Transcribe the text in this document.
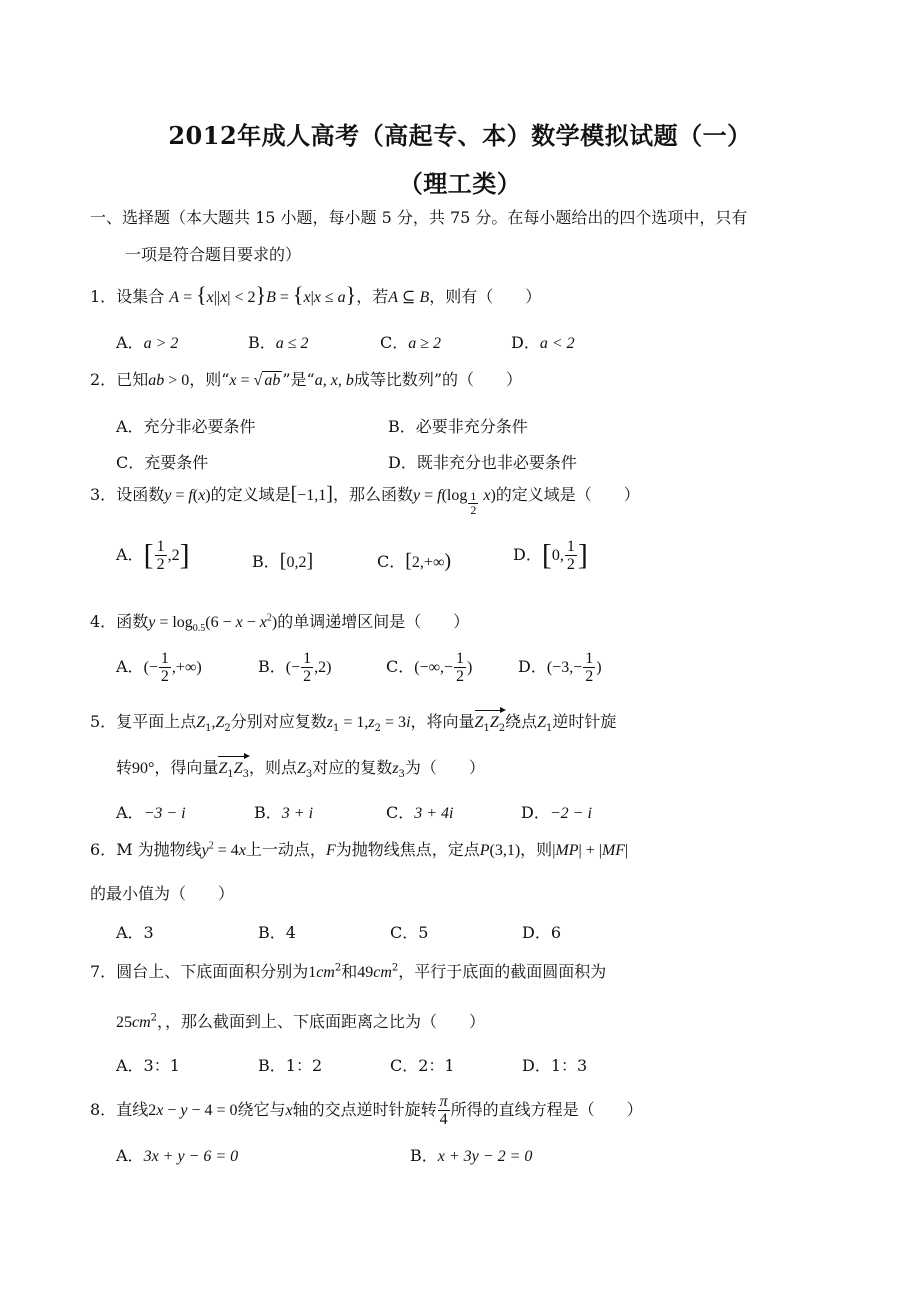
2012年成人高考（高起专、本）数学模拟试题（一）
（理工类）
一、选择题（本大题共 15 小题，每小题 5 分，共 75 分。在每小题给出的四个选项中，只有
一项是符合题目要求的）
1．设集合 A = {x||x| < 2}B = {x|x ≤ a}，若A ⊆ B，则有（　　）
A．a > 2	B．a ≤ 2	C．a ≥ 2	D．a < 2
2．已知ab > 0，则“x = √ ab ”是“a, x, b成等比数列”的（　　）
A．充分非必要条件	B．必要非充分条件
C．充要条件	D．既非充分也非必要条件
3．设函数y = f(x)的定义域是[−1,1]，那么函数$y = f(\log \frac{1}{2} x)$的定义域是（　　）
A．[ $\frac{1}{2} ,2$]	B．[0,2]	C．[2,+∞)	D．[0, $\frac{1}{2}$ ]
4．函数$y = \log_{0.5}(6 - x - x^2)$的单调递增区间是（　　）
A．(− $\frac{1}{2}$ ,+∞)	B．(− $\frac{1}{2} ,2$)	C．(−∞,− $\frac{1}{2}$ )	D．($-3,- \frac{1}{2}$ )
5．复平面上点$Z_1,Z_2$分别对应复数$z_1 = 1,z_2 = 3i$，将向量$Z_1Z_2$绕点$Z_1$逆时针旋
转90°，得向量$Z_1Z_3$，则点$Z_3$对应的复数$z_3$为（　　）
A．−3 − i	B．3 + i	C．3 + 4i	D．−2 − i
6．M 为抛物线$y^2 = 4x$上一动点，F为抛物线焦点，定点P(3,1)，则|MP| + |MF|
的最小值为（　　）
A．3	B．4	C．5	D．6
7．圆台上、下底面面积分别为$1cm^2$和$49cm^2$，平行于底面的截面圆面积为
$25cm^2$，，那么截面到上、下底面距离之比为（　　）
A．3：1	B．1：2	C．2：1	D．1：3
8．直线2x − y − 4 = 0绕它与x轴的交点逆时针旋转 $\frac{\pi}{4}$ 所得的直线方程是（　　）
A．3x + y − 6 = 0	B．x + 3y − 2 = 0
